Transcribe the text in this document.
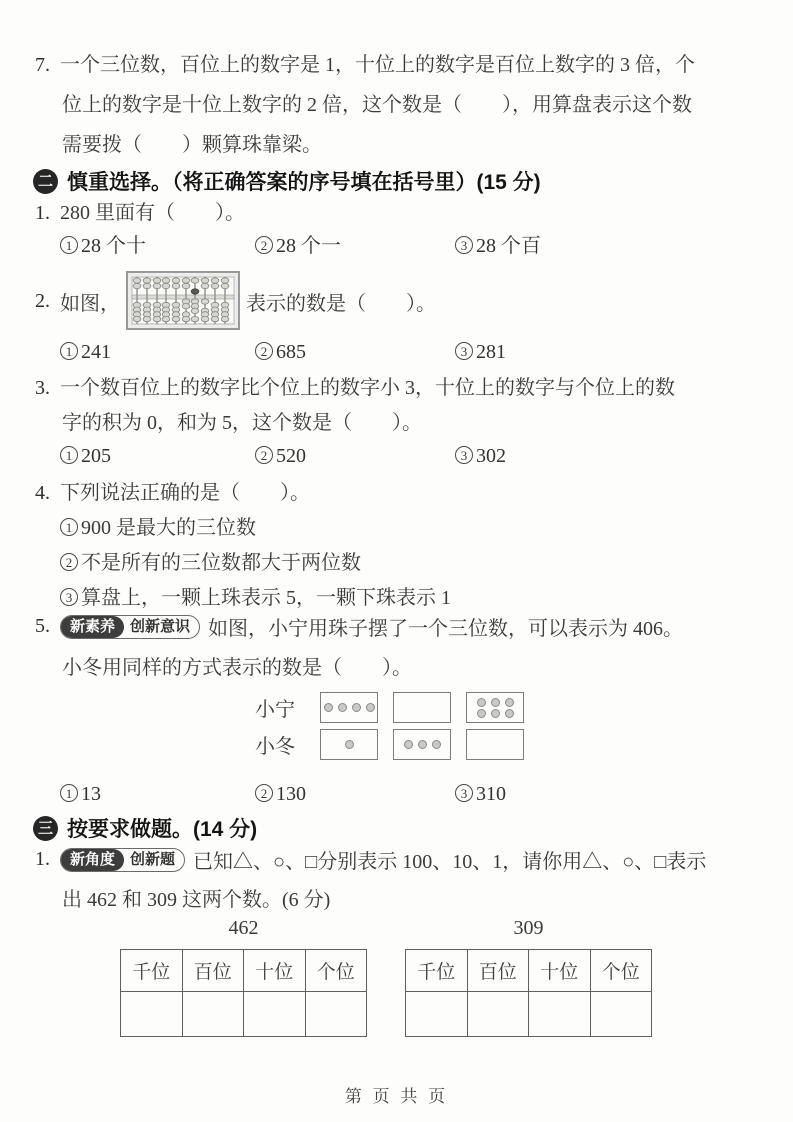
7. 一个三位数，百位上的数字是 1，十位上的数字是百位上数字的 3 倍，个
位上的数字是十位上数字的 2 倍，这个数是（　　），用算盘表示这个数
需要拨（　　）颗算珠靠梁。
二 慎重选择。（将正确答案的序号填在括号里）(15 分)
1. 280 里面有（　　）。
1 28 个十	2 28 个一	3 28 个百
2. 如图，	表示的数是（　　）。
1 241	2 685	3 281
3. 一个数百位上的数字比个位上的数字小 3，十位上的数字与个位上的数
字的积为 0，和为 5，这个数是（　　）。
1 205	2 520	3 302
4. 下列说法正确的是（　　）。
1 900 是最大的三位数
2 不是所有的三位数都大于两位数
3 算盘上，一颗上珠表示 5，一颗下珠表示 1
5.	新素养	创新意识 如图，小宁用珠子摆了一个三位数，可以表示为 406。
小冬用同样的方式表示的数是（　　）。
小宁
小冬
1 13	2 130	3 310
三 按要求做题。(14 分)
1.	新角度	创新题 已知△、○、□分别表示 100、10、1，请你用△、○、□表示
出 462 和 309 这两个数。(6 分)
462
千位	百位	十位	个位

309
千位	百位	十位	个位

第 页 共 页
